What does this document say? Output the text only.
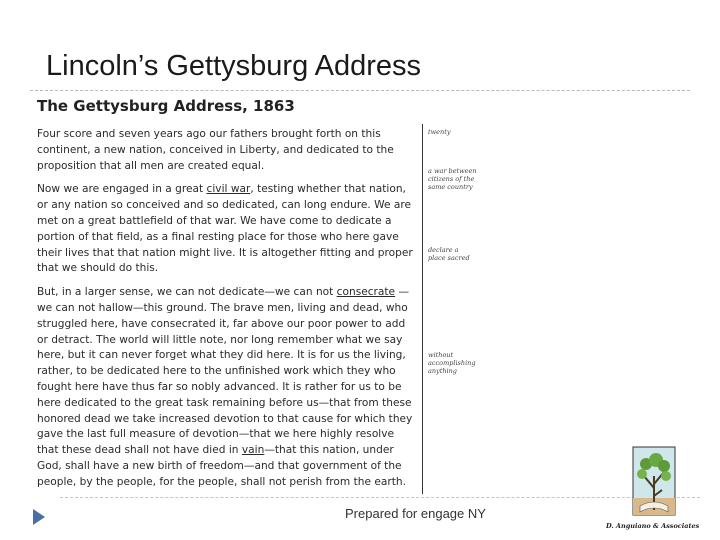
Lincoln’s Gettysburg Address
The Gettysburg Address, 1863

Four score and seven years ago our fathers brought forth on this continent, a new nation, conceived in Liberty, and dedicated to the proposition that all men are created equal.

Now we are engaged in a great civil war, testing whether that nation, or any nation so conceived and so dedicated, can long endure. We are met on a great battlefield of that war. We have come to dedicate a portion of that field, as a final resting place for those who here gave their lives that that nation might live. It is altogether fitting and proper that we should do this.

But, in a larger sense, we can not dedicate—we can not consecrate —we can not hallow—this ground. The brave men, living and dead, who struggled here, have consecrated it, far above our poor power to add or detract. The world will little note, nor long remember what we say here, but it can never forget what they did here. It is for us the living, rather, to be dedicated here to the unfinished work which they who fought here have thus far so nobly advanced. It is rather for us to be here dedicated to the great task remaining before us—that from these honored dead we take increased devotion to that cause for which they gave the last full measure of devotion—that we here highly resolve that these dead shall not have died in vain—that this nation, under God, shall have a new birth of freedom—and that government of the people, by the people, for the people, shall not perish from the earth.

twenty
a war between citizens of the same country
declare a place sacred
without accomplishing anything
Prepared for engage NY
D. Anguiano & Associates
